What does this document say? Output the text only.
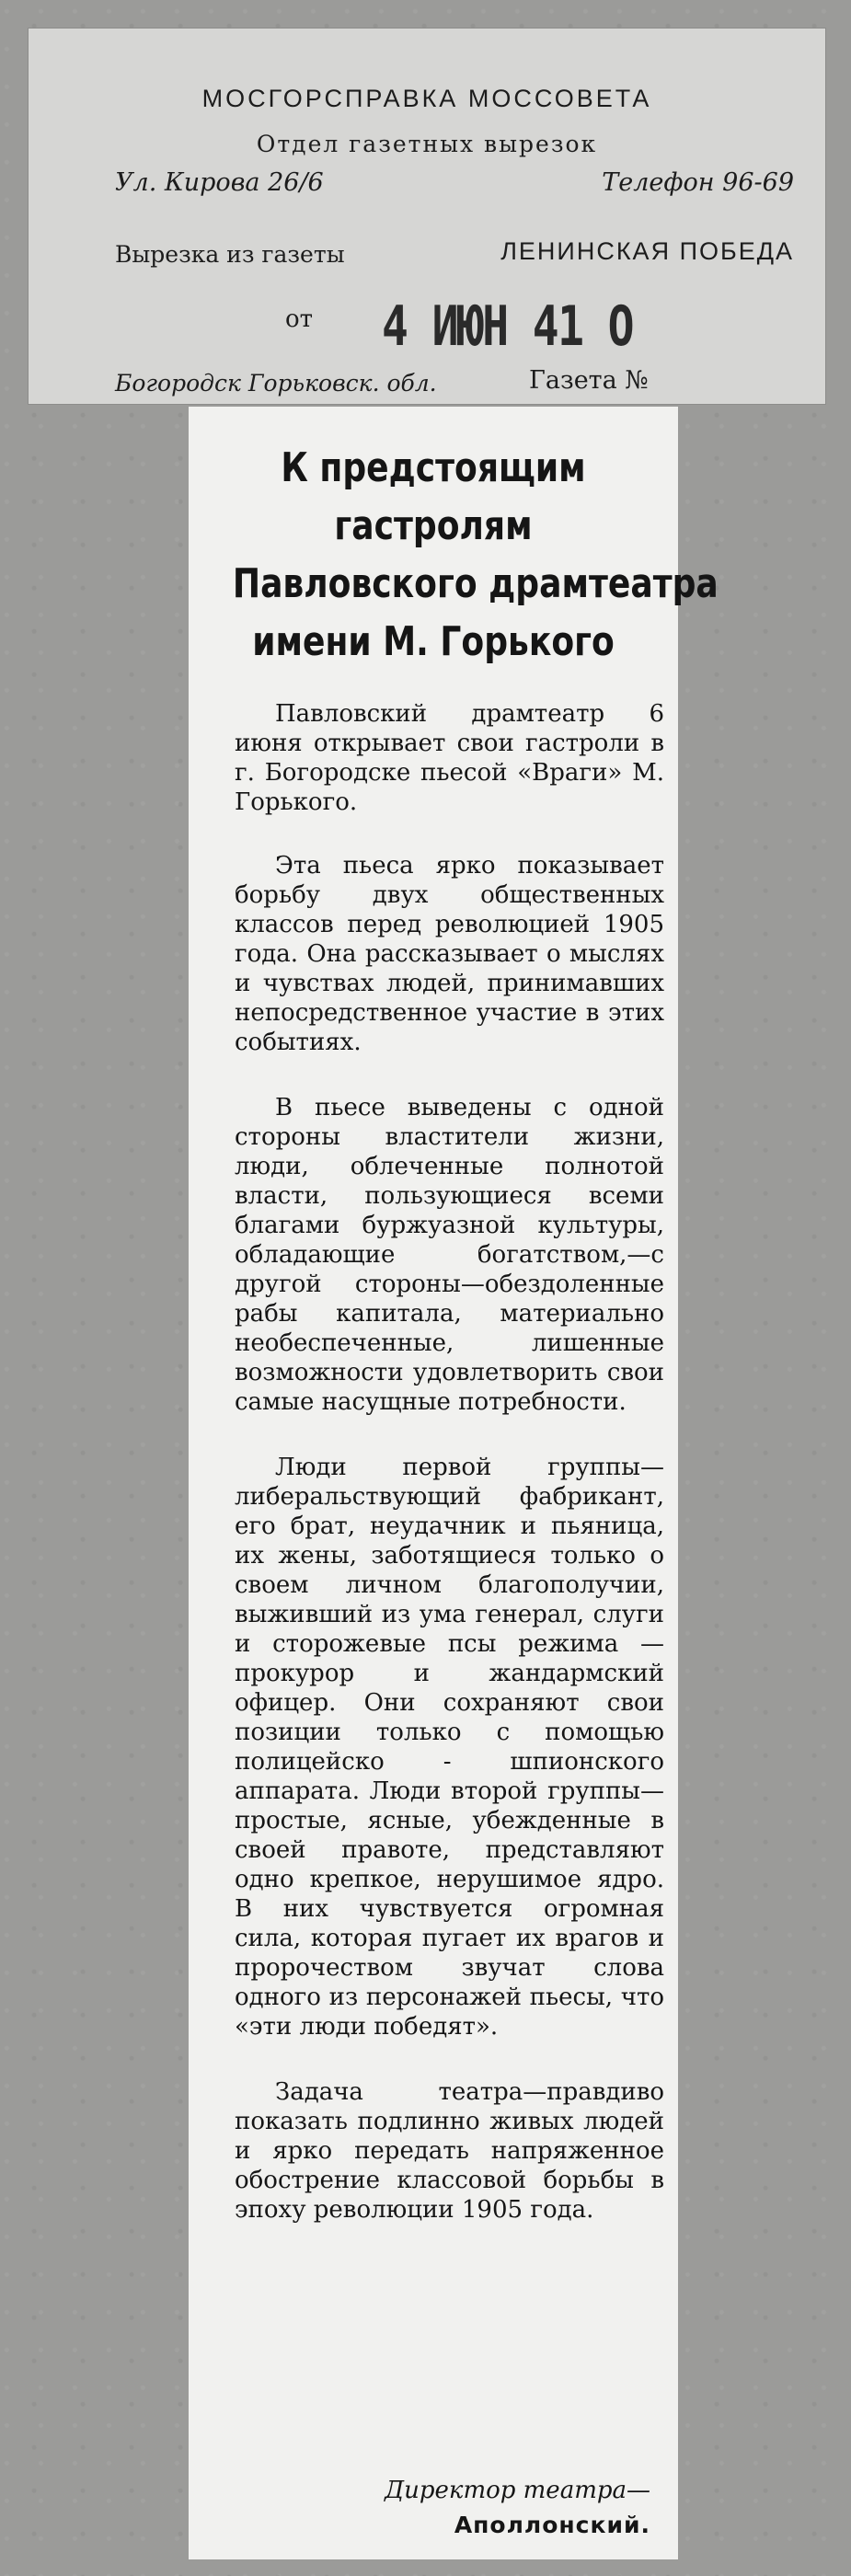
МОСГОРСПРАВКА МОССОВЕТА
Отдел газетных вырезок
Ул. Кирова 26/6	Телефон 96-69
Вырезка из газеты	ЛЕНИНСКАЯ ПОБЕДА
от 4 ИЮН 41 О
Богородск Горьковск. обл.	Газета №
К предстоящим
гастролям
Павловского драмтеатра
имени М. Горького

Павловский драмтеатр 6 июня открывает свои гастроли в г. Богородске пьесой «Враги» М. Горького.

Эта пьеса ярко показывает борьбу двух общественных классов перед революцией 1905 года. Она рассказывает о мыслях и чувствах людей, принимавших непосредственное участие в этих событиях.

В пьесе выведены с одной стороны властители жизни, люди, облеченные полнотой власти, пользующиеся всеми благами буржуазной культуры, обладающие богатством,—с другой стороны—обездоленные рабы капитала, материально необеспеченные, лишенные возможности удовлетворить свои самые насущные потребности.

Люди первой группы—либеральствующий фабрикант, его брат, неудачник и пьяница, их жены, заботящиеся только о своем личном благополучии, выживший из ума генерал, слуги и сторожевые псы режима — прокурор и жандармский офицер. Они сохраняют свои позиции только с помощью полицейско - шпионского аппарата. Люди второй группы—простые, ясные, убежденные в своей правоте, представляют одно крепкое, нерушимое ядро. В них чувствуется огромная сила, которая пугает их врагов и пророчеством звучат слова одного из персонажей пьесы, что «эти люди победят».

Задача театра—правдиво показать подлинно живых людей и ярко передать напряженное обострение классовой борьбы в эпоху революции 1905 года.

Директор театра—
Аполлонский.
